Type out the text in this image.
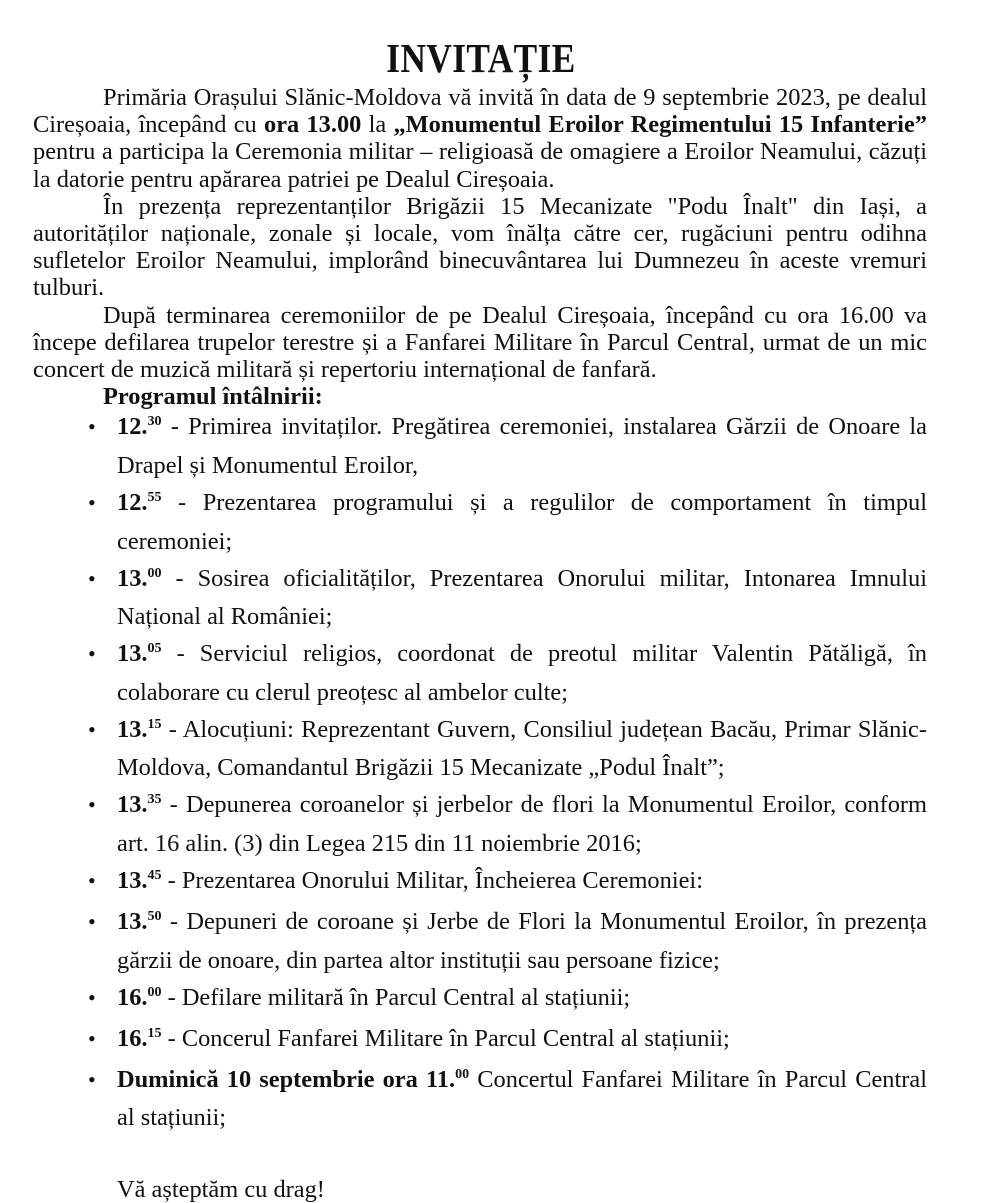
INVITAȚIE

Primăria Orașului Slănic-Moldova vă invită în data de 9 septembrie 2023, pe dealul Cireșoaia, începând cu ora 13.00 la „Monumentul Eroilor Regimentului 15 Infanterie” pentru a participa la Ceremonia militar – religioasă de omagiere a Eroilor Neamului, căzuți la datorie pentru apărarea patriei pe Dealul Cireșoaia.

În prezența reprezentanților Brigăzii 15 Mecanizate "Podu Înalt" din Iași, a autorităților naționale, zonale și locale, vom înălța către cer, rugăciuni pentru odihna sufletelor Eroilor Neamului, implorând binecuvântarea lui Dumnezeu în aceste vremuri tulburi.

După terminarea ceremoniilor de pe Dealul Cireșoaia, începând cu ora 16.00 va începe defilarea trupelor terestre și a Fanfarei Militare în Parcul Central, urmat de un mic concert de muzică militară și repertoriu internațional de fanfară.

Programul întâlnirii:

• 12.30 - Primirea invitaților. Pregătirea ceremoniei, instalarea Gărzii de Onoare la Drapel și Monumentul Eroilor,
• 12.55 - Prezentarea programului și a regulilor de comportament în timpul ceremoniei;
• 13.00 - Sosirea oficialităților, Prezentarea Onorului militar, Intonarea Imnului Național al României;
• 13.05 - Serviciul religios, coordonat de preotul militar Valentin Pătăligă, în colaborare cu clerul preoțesc al ambelor culte;
• 13.15 - Alocuțiuni: Reprezentant Guvern, Consiliul județean Bacău, Primar Slănic-Moldova, Comandantul Brigăzii 15 Mecanizate „Podul Înalt”;
• 13.35 - Depunerea coroanelor și jerbelor de flori la Monumentul Eroilor, conform art. 16 alin. (3) din Legea 215 din 11 noiembrie 2016;
• 13.45 - Prezentarea Onorului Militar, Încheierea Ceremoniei:
• 13.50 - Depuneri de coroane și Jerbe de Flori la Monumentul Eroilor, în prezența gărzii de onoare, din partea altor instituții sau persoane fizice;
• 16.00 - Defilare militară în Parcul Central al stațiunii;
• 16.15 - Concerul Fanfarei Militare în Parcul Central al stațiunii;
• Duminică 10 septembrie ora 11.00 Concertul Fanfarei Militare în Parcul Central al stațiunii;

Vă așteptăm cu drag!
